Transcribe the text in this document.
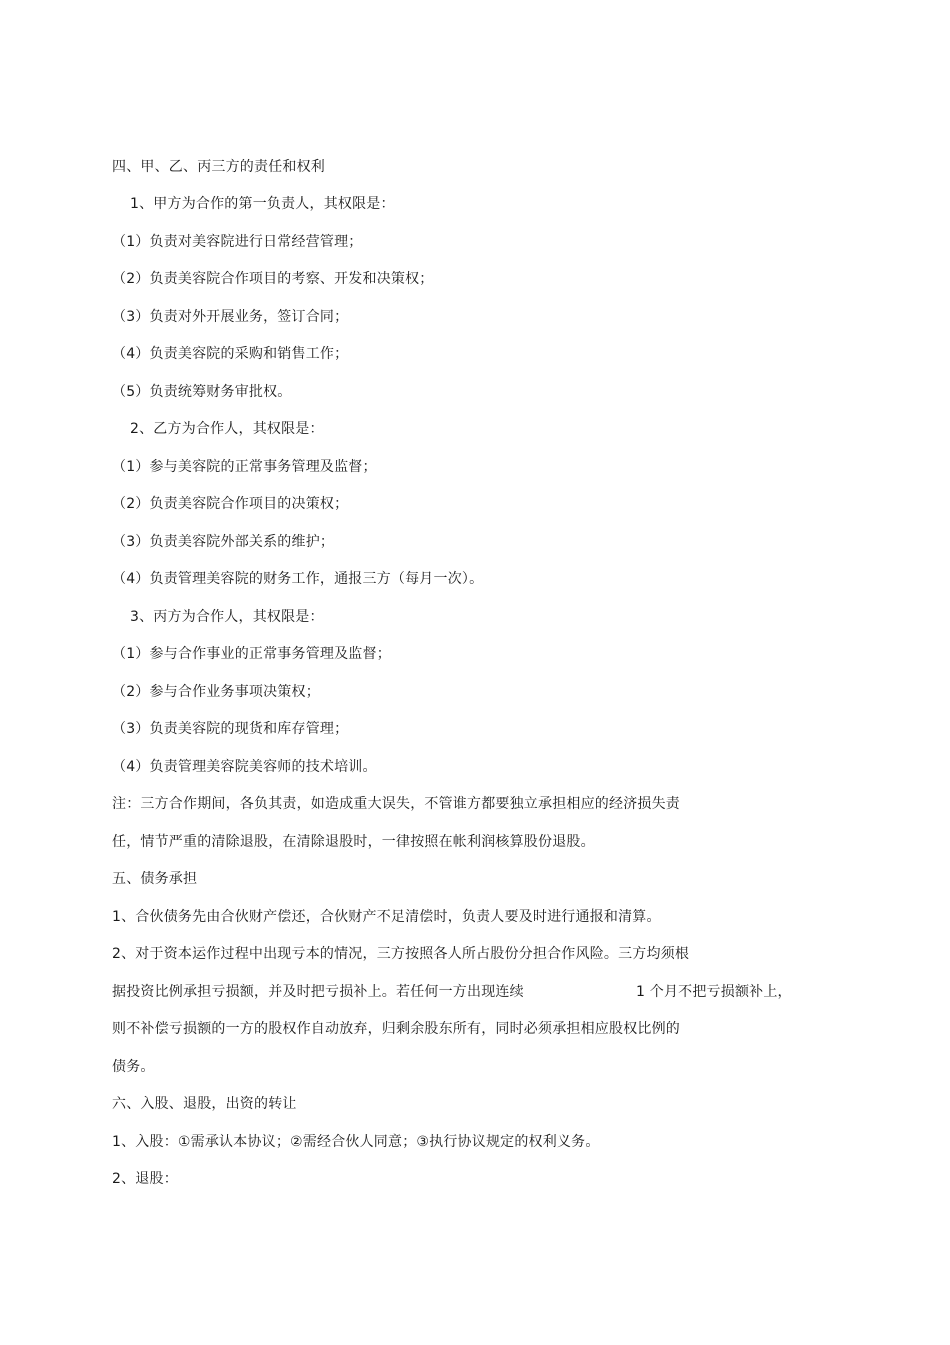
四、甲、乙、丙三方的责任和权利
1、甲方为合作的第一负责人，其权限是：
（1）负责对美容院进行日常经营管理；
（2）负责美容院合作项目的考察、开发和决策权；
（3）负责对外开展业务，签订合同；
（4）负责美容院的采购和销售工作；
（5）负责统筹财务审批权。
2、乙方为合作人，其权限是：
（1）参与美容院的正常事务管理及监督；
（2）负责美容院合作项目的决策权；
（3）负责美容院外部关系的维护；
（4）负责管理美容院的财务工作，通报三方（每月一次）。
3、丙方为合作人，其权限是：
（1）参与合作事业的正常事务管理及监督；
（2）参与合作业务事项决策权；
（3）负责美容院的现货和库存管理；
（4）负责管理美容院美容师的技术培训。
注：三方合作期间，各负其责，如造成重大误失，不管谁方都要独立承担相应的经济损失责
任，情节严重的清除退股，在清除退股时，一律按照在帐利润核算股份退股。
五、债务承担
1、合伙债务先由合伙财产偿还，合伙财产不足清偿时，负责人要及时进行通报和清算。
2、对于资本运作过程中出现亏本的情况，三方按照各人所占股份分担合作风险。三方均须根
据投资比例承担亏损额，并及时把亏损补上。若任何一方出现连续	1 个月不把亏损额补上，
则不补偿亏损额的一方的股权作自动放弃，归剩余股东所有，同时必须承担相应股权比例的
债务。
六、入股、退股，出资的转让
1、入股：①需承认本协议；②需经合伙人同意；③执行协议规定的权利义务。
2、退股：
